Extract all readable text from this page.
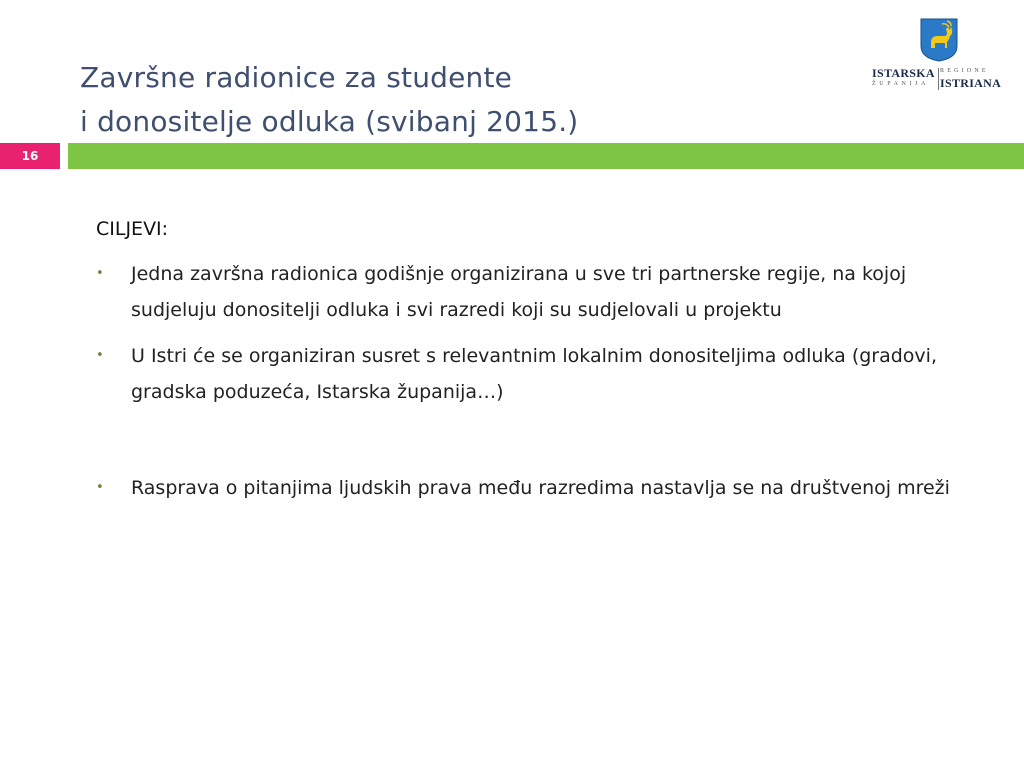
Završne radionice za studente
i donositelje odluka (svibanj 2015.)
ISTARSKA REGIONE
ŽUPANIJA ISTRIANA
16

CILJEVI:

• Jedna završna radionica godišnje organizirana u sve tri partnerske regije, na kojoj sudjeluju donositelji odluka i svi razredi koji su sudjelovali u projektu
• U Istri će se organiziran susret s relevantnim lokalnim donositeljima odluka (gradovi, gradska poduzeća, Istarska županija…)
• Rasprava o pitanjima ljudskih prava među razredima nastavlja se na društvenoj mreži
